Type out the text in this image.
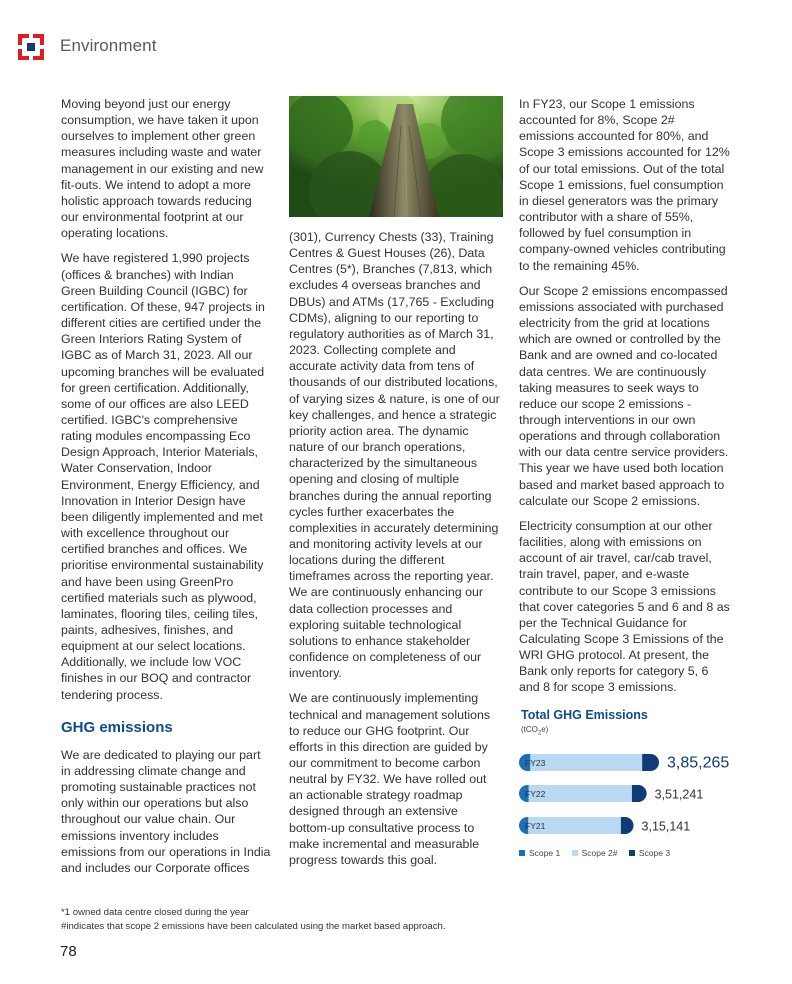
Environment

Moving beyond just our energy consumption, we have taken it upon ourselves to implement other green measures including waste and water management in our existing and new fit-outs. We intend to adopt a more holistic approach towards reducing our environmental footprint at our operating locations.

We have registered 1,990 projects (offices & branches) with Indian Green Building Council (IGBC) for certification. Of these, 947 projects in different cities are certified under the Green Interiors Rating System of IGBC as of March 31, 2023. All our upcoming branches will be evaluated for green certification. Additionally, some of our offices are also LEED certified. IGBC's comprehensive rating modules encompassing Eco Design Approach, Interior Materials, Water Conservation, Indoor Environment, Energy Efficiency, and Innovation in Interior Design have been diligently implemented and met with excellence throughout our certified branches and offices. We prioritise environmental sustainability and have been using GreenPro certified materials such as plywood, laminates, flooring tiles, ceiling tiles, paints, adhesives, finishes, and equipment at our select locations. Additionally, we include low VOC finishes in our BOQ and contractor tendering process.

GHG emissions

We are dedicated to playing our part in addressing climate change and promoting sustainable practices not only within our operations but also throughout our value chain. Our emissions inventory includes emissions from our operations in India and includes our Corporate offices

(301), Currency Chests (33), Training Centres & Guest Houses (26), Data Centres (5*), Branches (7,813, which excludes 4 overseas branches and DBUs) and ATMs (17,765 - Excluding CDMs), aligning to our reporting to regulatory authorities as of March 31, 2023. Collecting complete and accurate activity data from tens of thousands of our distributed locations, of varying sizes & nature, is one of our key challenges, and hence a strategic priority action area. The dynamic nature of our branch operations, characterized by the simultaneous opening and closing of multiple branches during the annual reporting cycles further exacerbates the complexities in accurately determining and monitoring activity levels at our locations during the different timeframes across the reporting year. We are continuously enhancing our data collection processes and exploring suitable technological solutions to enhance stakeholder confidence on completeness of our inventory.

We are continuously implementing technical and management solutions to reduce our GHG footprint. Our efforts in this direction are guided by our commitment to become carbon neutral by FY32. We have rolled out an actionable strategy roadmap designed through an extensive bottom-up consultative process to make incremental and measurable progress towards this goal.

In FY23, our Scope 1 emissions accounted for 8%, Scope 2# emissions accounted for 80%, and Scope 3 emissions accounted for 12% of our total emissions. Out of the total Scope 1 emissions, fuel consumption in diesel generators was the primary contributor with a share of 55%, followed by fuel consumption in company-owned vehicles contributing to the remaining 45%.

Our Scope 2 emissions encompassed emissions associated with purchased electricity from the grid at locations which are owned or controlled by the Bank and are owned and co-located data centres. We are continuously taking measures to seek ways to reduce our scope 2 emissions - through interventions in our own operations and through collaboration with our data centre service providers. This year we have used both location based and market based approach to calculate our Scope 2 emissions.

Electricity consumption at our other facilities, along with emissions on account of air travel, car/cab travel, train travel, paper, and e-waste contribute to our Scope 3 emissions that cover categories 5 and 6 and 8 as per the Technical Guidance for Calculating Scope 3 Emissions of the WRI GHG protocol. At present, the Bank only reports for category 5, 6 and 8 for scope 3 emissions.

Total GHG Emissions
(tCO$_2$e)
FY23	3,85,265
FY22	3,51,241
FY21	3,15,141
Scope 1	Scope 2#	Scope 3
*1 owned data centre closed during the year
#indicates that scope 2 emissions have been calculated using the market based approach.
78
